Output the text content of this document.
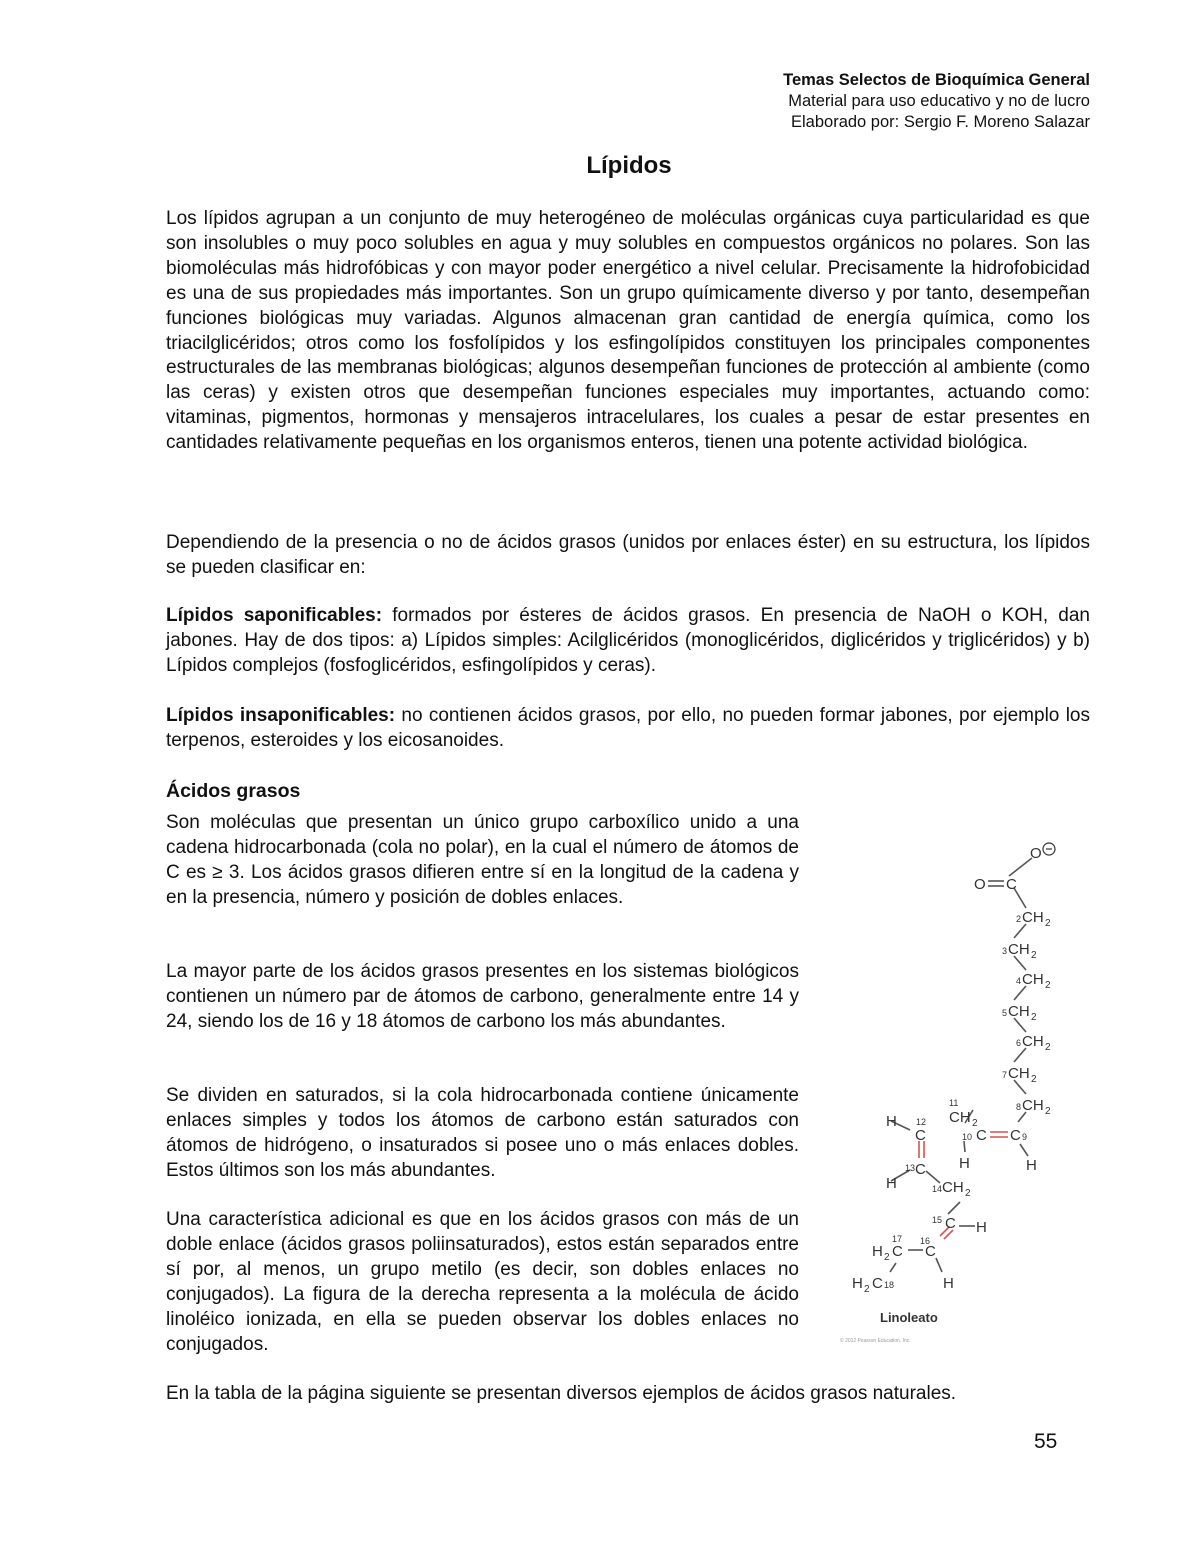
Temas Selectos de Bioquímica General
Material para uso educativo y no de lucro
Elaborado por: Sergio F. Moreno Salazar
Lípidos
Los lípidos agrupan a un conjunto de muy heterogéneo de moléculas orgánicas cuya particularidad es que son insolubles o muy poco solubles en agua y muy solubles en compuestos orgánicos no polares. Son las biomoléculas más hidrofóbicas y con mayor poder energético a nivel celular. Precisamente la hidrofobicidad es una de sus propiedades más importantes. Son un grupo químicamente diverso y por tanto, desempeñan funciones biológicas muy variadas. Algunos almacenan gran cantidad de energía química, como los triacilglicéridos; otros como los fosfolípidos y los esfingolípidos constituyen los principales componentes estructurales de las membranas biológicas; algunos desempeñan funciones de protección al ambiente (como las ceras) y existen otros que desempeñan funciones especiales muy importantes, actuando como: vitaminas, pigmentos, hormonas y mensajeros intracelulares, los cuales a pesar de estar presentes en cantidades relativamente pequeñas en los organismos enteros, tienen una potente actividad biológica.
Dependiendo de la presencia o no de ácidos grasos (unidos por enlaces éster) en su estructura, los lípidos se pueden clasificar en:
Lípidos saponificables: formados por ésteres de ácidos grasos. En presencia de NaOH o KOH, dan jabones. Hay de dos tipos: a) Lípidos simples: Acilglicéridos (monoglicéridos, diglicéridos y triglicéridos) y b) Lípidos complejos (fosfoglicéridos, esfingolípidos y ceras).
Lípidos insaponificables: no contienen ácidos grasos, por ello, no pueden formar jabones, por ejemplo los terpenos, esteroides y los eicosanoides.
Ácidos grasos
Son moléculas que presentan un único grupo carboxílico unido a una cadena hidrocarbonada (cola no polar), en la cual el número de átomos de C es ≥ 3. Los ácidos grasos difieren entre sí en la longitud de la cadena y en la presencia, número y posición de dobles enlaces.
La mayor parte de los ácidos grasos presentes en los sistemas biológicos contienen un número par de átomos de carbono, generalmente entre 14 y 24, siendo los de 16 y 18 átomos de carbono los más abundantes.
Se dividen en saturados, si la cola hidrocarbonada contiene únicamente enlaces simples y todos los átomos de carbono están saturados con átomos de hidrógeno, o insaturados si posee uno o más enlaces dobles. Estos últimos son los más abundantes.
Una característica adicional es que en los ácidos grasos con más de un doble enlace (ácidos grasos poliinsaturados), estos están separados entre sí por, al menos, un grupo metilo (es decir, son dobles enlaces no conjugados). La figura de la derecha representa a la molécula de ácido linoléico ionizada, en ella se pueden observar los dobles enlaces no conjugados.
En la tabla de la página siguiente se presentan diversos ejemplos de ácidos grasos naturales.
55
O
O C
2 CH 2
3 CH 2
4 CH 2
5 CH 2
6 CH 2
7 CH 2
8 CH 2
C 9
H
10 C
H
11
CH 2
12
C
H
13 C
H	14 CH 2
15 C H
16
C
H
17
H 2 C
H 2 C 18
Linoleato
© 2012 Pearson Education, Inc.
